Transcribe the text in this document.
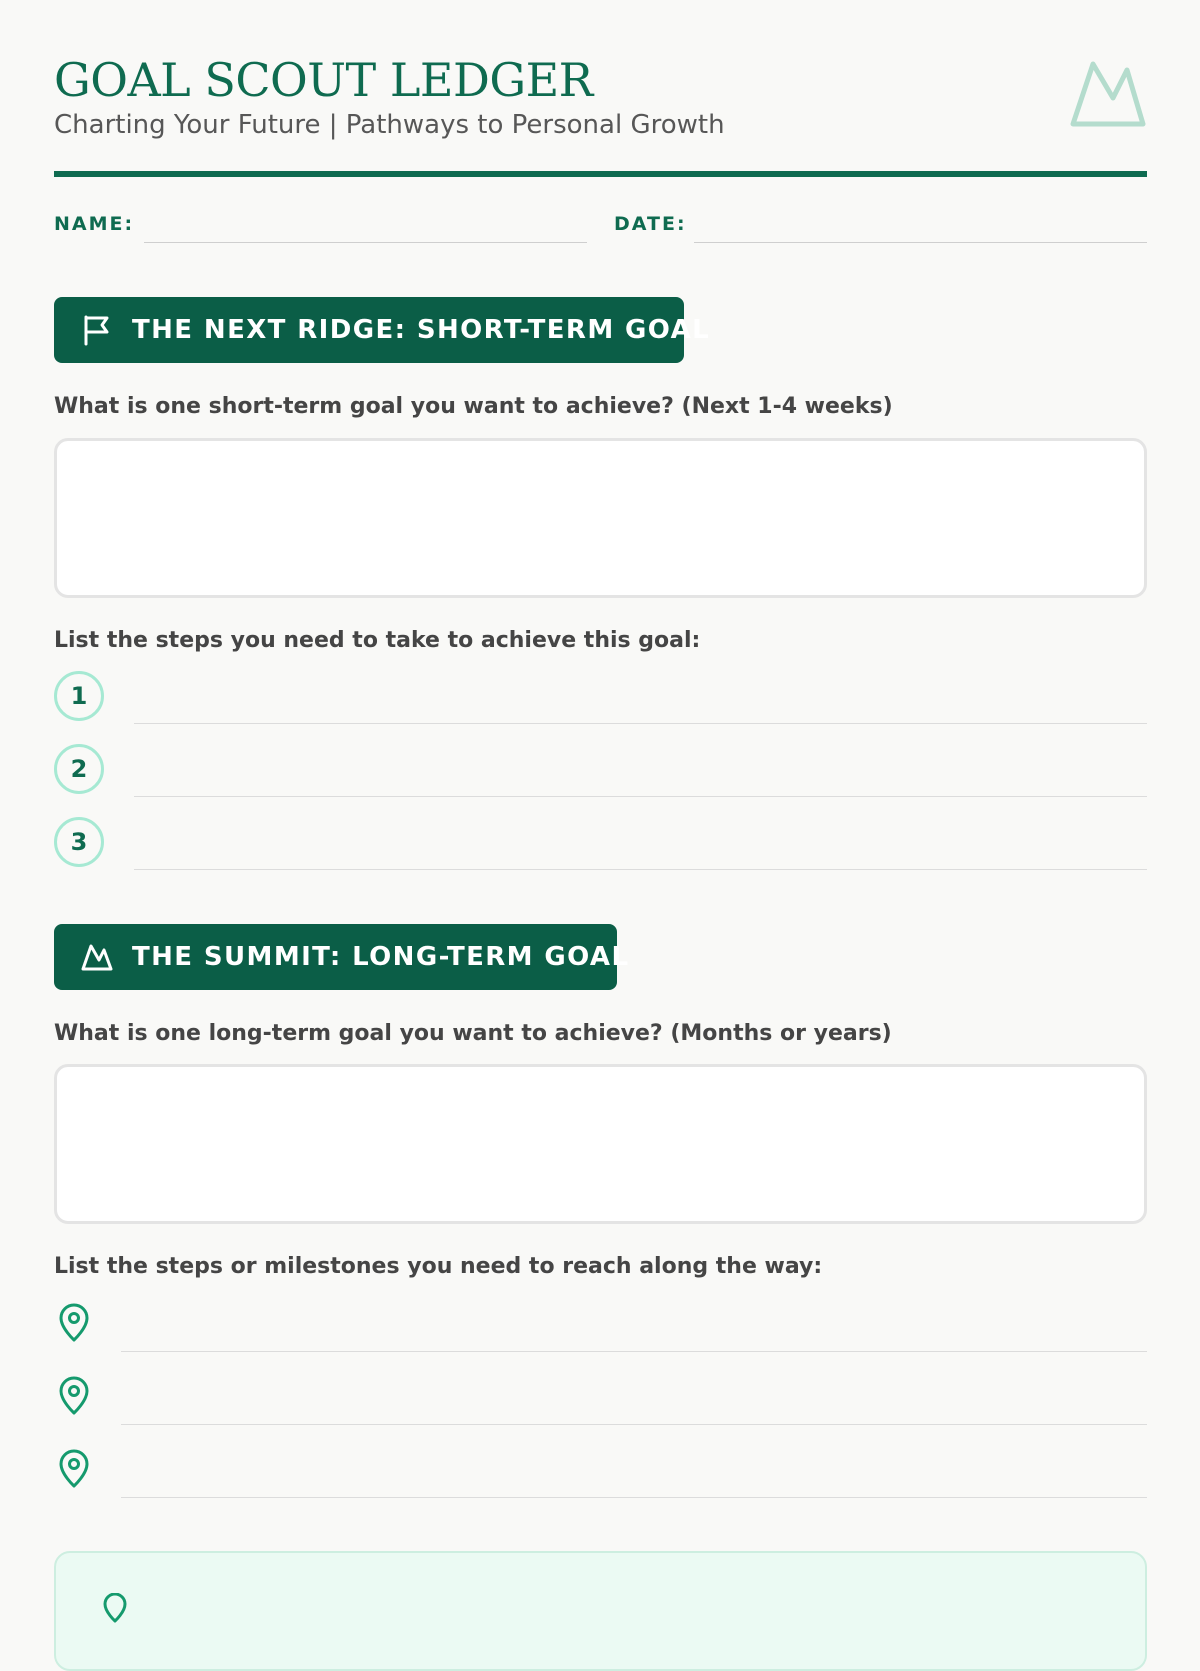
GOAL SCOUT LEDGER
Charting Your Future | Pathways to Personal Growth
NAME:	DATE:
THE NEXT RIDGE: SHORT-TERM GOAL
What is one short-term goal you want to achieve? (Next 1-4 weeks)
List the steps you need to take to achieve this goal:
1
2
3
THE SUMMIT: LONG-TERM GOAL
What is one long-term goal you want to achieve? (Months or years)
List the steps or milestones you need to reach along the way:
